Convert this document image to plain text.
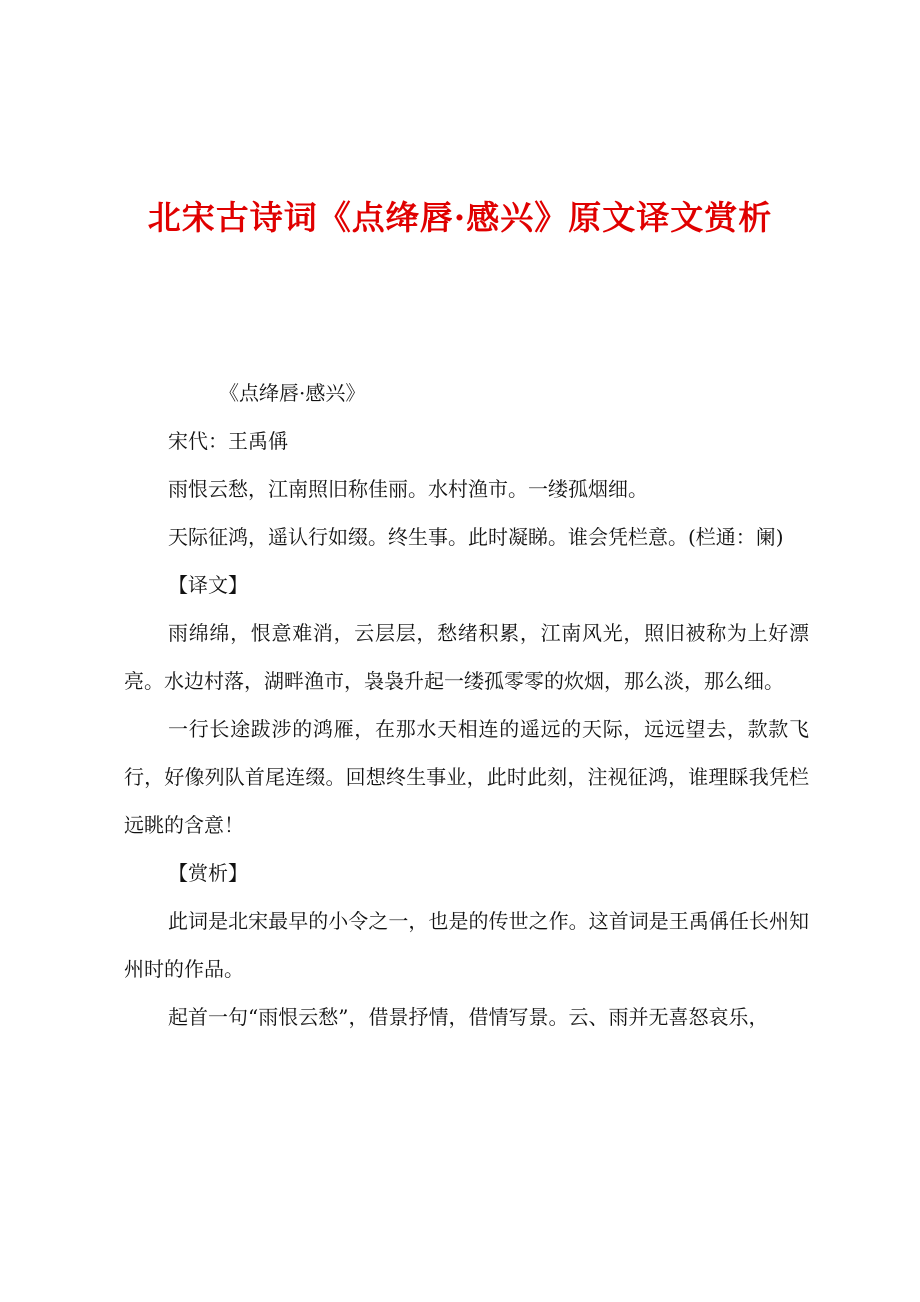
北宋古诗词《点绛唇·感兴》原文译文赏析

《点绛唇·感兴》

宋代：王禹偁

雨恨云愁，江南照旧称佳丽。水村渔市。一缕孤烟细。

天际征鸿，遥认行如缀。终生事。此时凝睇。谁会凭栏意。(栏通：阑)

【译文】

雨绵绵，恨意难消，云层层，愁绪积累，江南风光，照旧被称为上好漂亮。水边村落，湖畔渔市，袅袅升起一缕孤零零的炊烟，那么淡，那么细。

一行长途跋涉的鸿雁，在那水天相连的遥远的天际，远远望去，款款飞行，好像列队首尾连缀。回想终生事业，此时此刻，注视征鸿，谁理睬我凭栏远眺的含意！

【赏析】

此词是北宋最早的小令之一，也是的传世之作。这首词是王禹偁任长州知州时的作品。

起首一句“雨恨云愁”，借景抒情，借情写景。云、雨并无喜怒哀乐，
